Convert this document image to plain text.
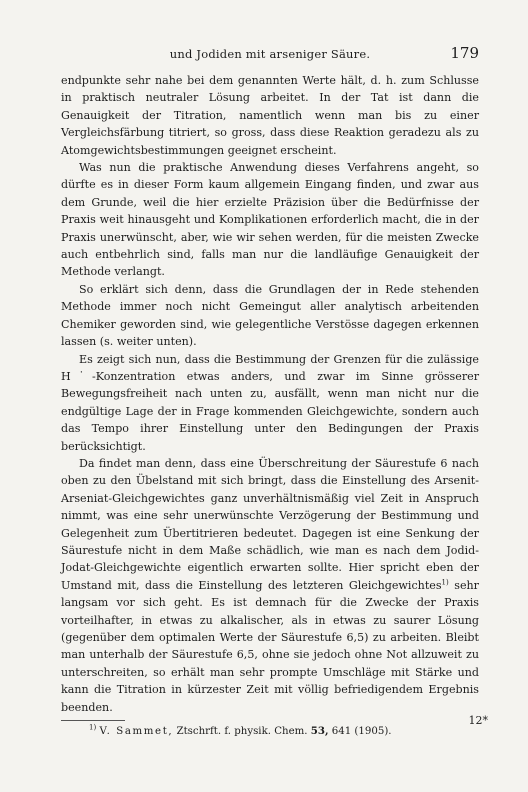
und Jodiden mit arseniger Säure.	179

endpunkte sehr nahe bei dem genannten Werte hält, d. h. zum Schlusse in praktisch neutraler Lösung arbeitet. In der Tat ist dann die Genauigkeit der Titration, namentlich wenn man bis zu einer Vergleichsfärbung titriert, so gross, dass diese Reaktion geradezu als zu Atomgewichtsbestimmungen geeignet erscheint.

Was nun die praktische Anwendung dieses Verfahrens angeht, so dürfte es in dieser Form kaum allgemein Eingang finden, und zwar aus dem Grunde, weil die hier erzielte Präzision über die Bedürfnisse der Praxis weit hinausgeht und Komplikationen erforderlich macht, die in der Praxis unerwünscht, aber, wie wir sehen werden, für die meisten Zwecke auch entbehrlich sind, falls man nur die landläufige Genauigkeit der Methode verlangt.

So erklärt sich denn, dass die Grundlagen der in Rede stehenden Methode immer noch nicht Gemeingut aller analytisch arbeitenden Chemiker geworden sind, wie gelegentliche Verstösse dagegen erkennen lassen (s. weiter unten).

Es zeigt sich nun, dass die Bestimmung der Grenzen für die zulässige H˙-Konzentration etwas anders, und zwar im Sinne grösserer Bewegungsfreiheit nach unten zu, ausfällt, wenn man nicht nur die endgültige Lage der in Frage kommenden Gleichgewichte, sondern auch das Tempo ihrer Einstellung unter den Bedingungen der Praxis berücksichtigt.

Da findet man denn, dass eine Überschreitung der Säurestufe 6 nach oben zu den Übelstand mit sich bringt, dass die Einstellung des Arsenit-Arseniat-Gleichgewichtes ganz unverhältnismäßig viel Zeit in Anspruch nimmt, was eine sehr unerwünschte Verzögerung der Bestimmung und Gelegenheit zum Übertitrieren bedeutet. Dagegen ist eine Senkung der Säurestufe nicht in dem Maße schädlich, wie man es nach dem Jodid-Jodat-Gleichgewichte eigentlich erwarten sollte. Hier spricht eben der Umstand mit, dass die Einstellung des letzteren Gleichgewichtes$^{1)}$ sehr langsam vor sich geht. Es ist demnach für die Zwecke der Praxis vorteilhafter, in etwas zu alkalischer, als in etwas zu saurer Lösung (gegenüber dem optimalen Werte der Säurestufe 6,5) zu arbeiten. Bleibt man unterhalb der Säurestufe 6,5, ohne sie jedoch ohne Not allzuweit zu unterschreiten, so erhält man sehr prompte Umschläge mit Stärke und kann die Titration in kürzester Zeit mit völlig befriedigendem Ergebnis beenden.

$^{1)}$ V. Sammet, Ztschrft. f. physik. Chem. 53, 641 (1905).
12*
